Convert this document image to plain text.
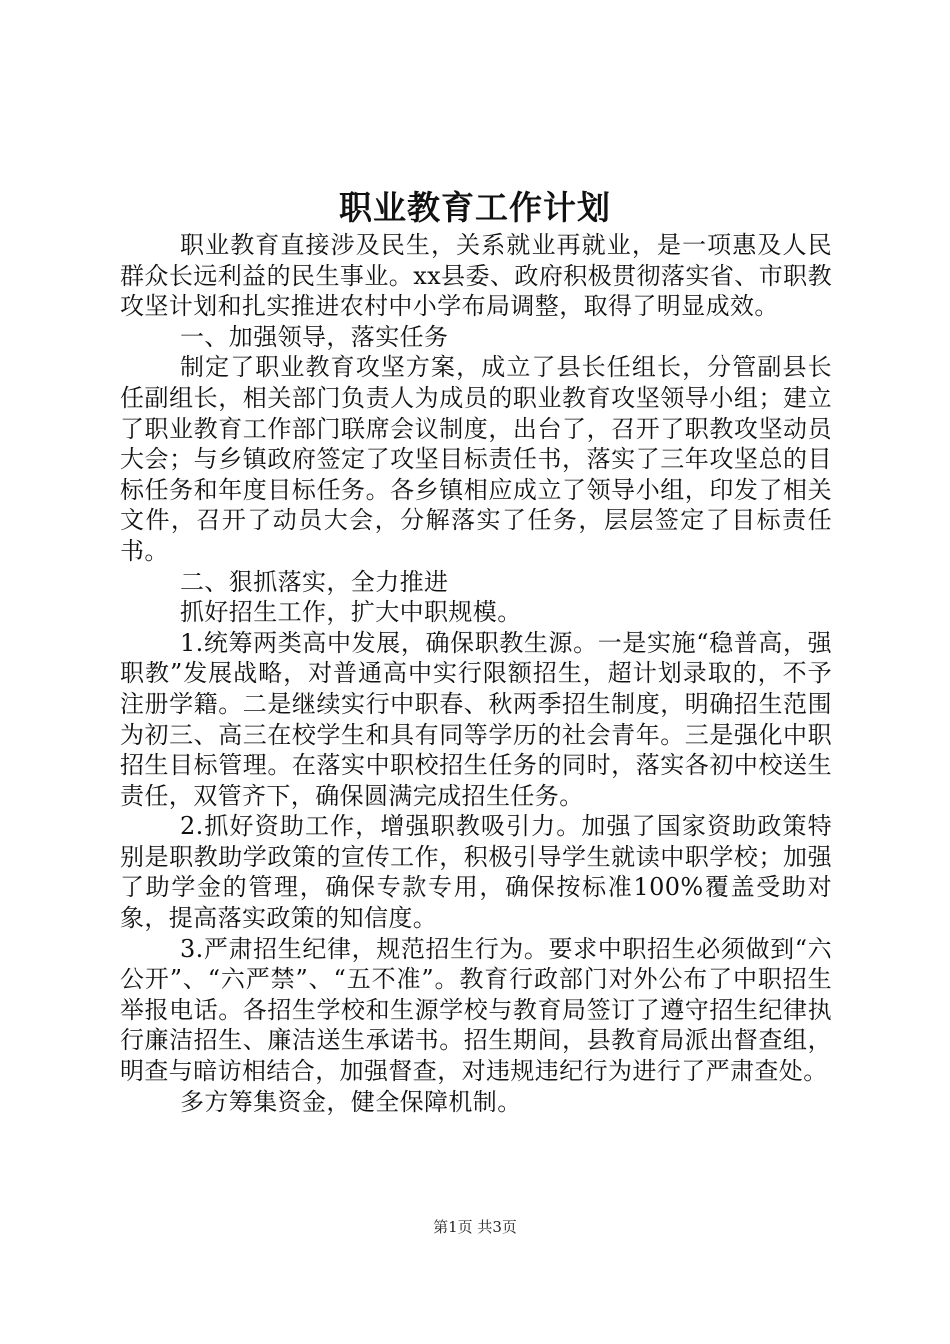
职业教育工作计划

职业教育直接涉及民生，关系就业再就业，是一项惠及人民群众长远利益的民生事业。xx县委、政府积极贯彻落实省、市职教攻坚计划和扎实推进农村中小学布局调整，取得了明显成效。

一、加强领导，落实任务

制定了职业教育攻坚方案，成立了县长任组长，分管副县长任副组长，相关部门负责人为成员的职业教育攻坚领导小组；建立了职业教育工作部门联席会议制度，出台了，召开了职教攻坚动员大会；与乡镇政府签定了攻坚目标责任书，落实了三年攻坚总的目标任务和年度目标任务。各乡镇相应成立了领导小组，印发了相关文件，召开了动员大会，分解落实了任务，层层签定了目标责任书。

二、狠抓落实，全力推进

抓好招生工作，扩大中职规模。

1.统筹两类高中发展，确保职教生源。一是实施“稳普高，强职教”发展战略，对普通高中实行限额招生，超计划录取的，不予注册学籍。二是继续实行中职春、秋两季招生制度，明确招生范围为初三、高三在校学生和具有同等学历的社会青年。三是强化中职招生目标管理。在落实中职校招生任务的同时，落实各初中校送生责任，双管齐下，确保圆满完成招生任务。

2.抓好资助工作，增强职教吸引力。加强了国家资助政策特别是职教助学政策的宣传工作，积极引导学生就读中职学校；加强了助学金的管理，确保专款专用，确保按标准100%覆盖受助对象，提高落实政策的知信度。

3.严肃招生纪律，规范招生行为。要求中职招生必须做到“六公开”、“六严禁”、“五不准”。教育行政部门对外公布了中职招生举报电话。各招生学校和生源学校与教育局签订了遵守招生纪律执行廉洁招生、廉洁送生承诺书。招生期间，县教育局派出督查组，明查与暗访相结合，加强督查，对违规违纪行为进行了严肃查处。

多方筹集资金，健全保障机制。

第1页 共3页
